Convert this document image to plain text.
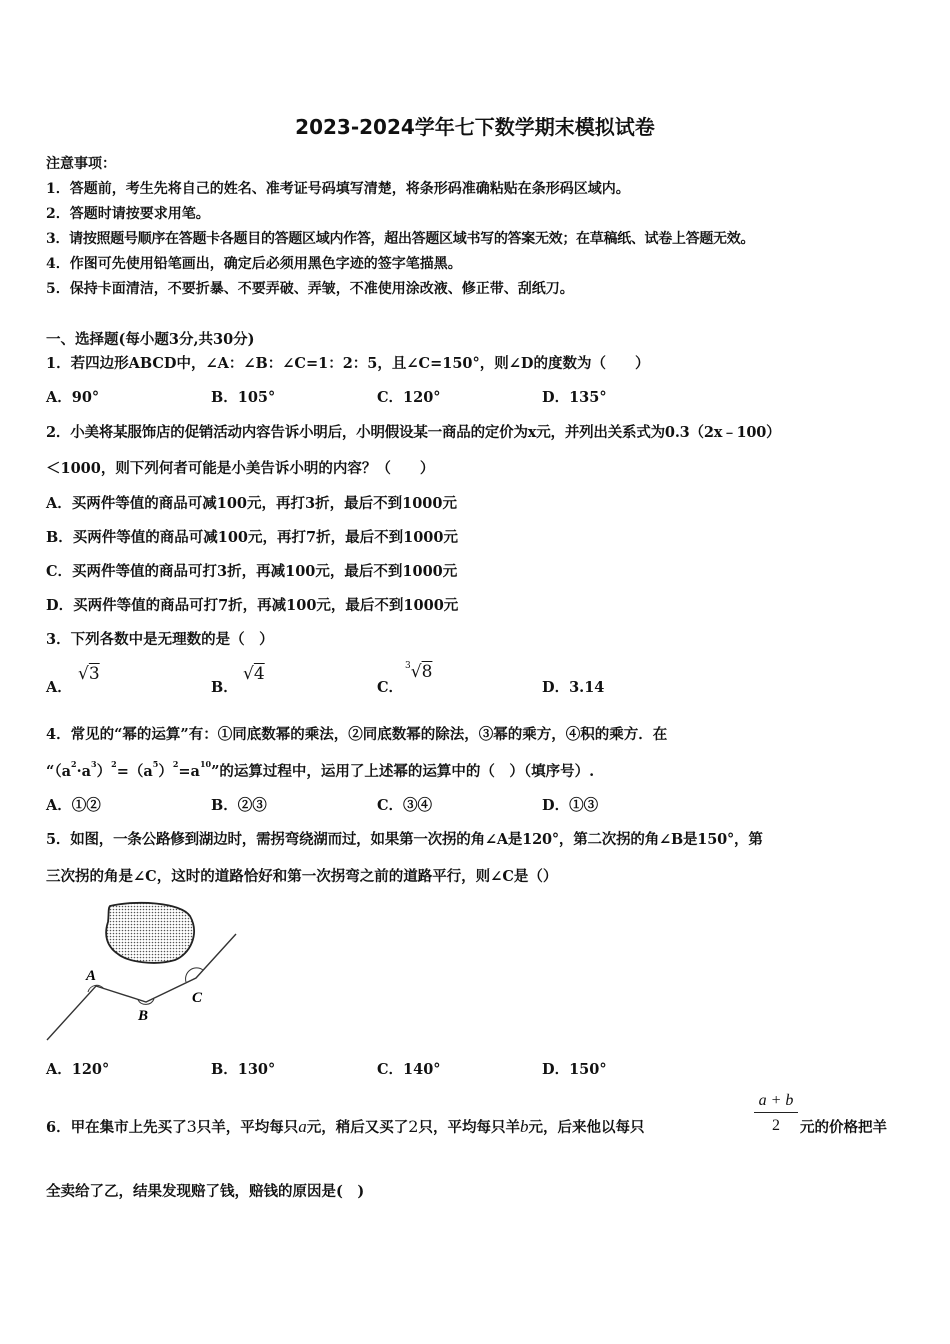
2023-2024学年七下数学期末模拟试卷
注意事项：
1．答题前，考生先将自己的姓名、准考证号码填写清楚，将条形码准确粘贴在条形码区域内。
2．答题时请按要求用笔。
3．请按照题号顺序在答题卡各题目的答题区域内作答，超出答题区域书写的答案无效；在草稿纸、试卷上答题无效。
4．作图可先使用铅笔画出，确定后必须用黑色字迹的签字笔描黑。
5．保持卡面清洁，不要折暴、不要弄破、弄皱，不准使用涂改液、修正带、刮纸刀。
一、选择题(每小题3分,共30分)
1．若四边形ABCD中，∠A：∠B：∠C=1：2：5，且∠C=150°，则∠D的度数为（　　）
A．90°	B．105°	C．120°	D．135°
2．小美将某服饰店的促销活动内容告诉小明后，小明假设某一商品的定价为x元，并列出关系式为0.3（2x﹣100）
＜1000，则下列何者可能是小美告诉小明的内容？（　　）
A．买两件等值的商品可减100元，再打3折，最后不到1000元
B．买两件等值的商品可减100元，再打7折，最后不到1000元
C．买两件等值的商品可打3折，再减100元，最后不到1000元
D．买两件等值的商品可打7折，再减100元，最后不到1000元
3．下列各数中是无理数的是（　）
A．
√3
B．
√4
C．
$^3$√8
D．3.14
4．常见的“幂的运算”有：①同底数幂的乘法，②同底数幂的除法，③幂的乘方，④积的乘方．在
“$(a^2\cdot a^3)^2=(a^5)^2=a^{10}$”的运算过程中，运用了上述幂的运算中的（　）（填序号）.
A．①②	B．②③	C．③④	D．①③
5．如图，一条公路修到湖边时，需拐弯绕湖而过，如果第一次拐的角∠A是120°，第二次拐的角∠B是150°，第
三次拐的角是∠C，这时的道路恰好和第一次拐弯之前的道路平行，则∠C是（）
A
B
C
A．120°	B．130°	C．140°	D．150°
6．甲在集市上先买了3只羊，平均每只a元，稍后又买了2只，平均每只羊b元，后来他以每只	$\frac{a + b}{2}$ 元的价格把羊
全卖给了乙，结果发现赔了钱，赔钱的原因是(　)
